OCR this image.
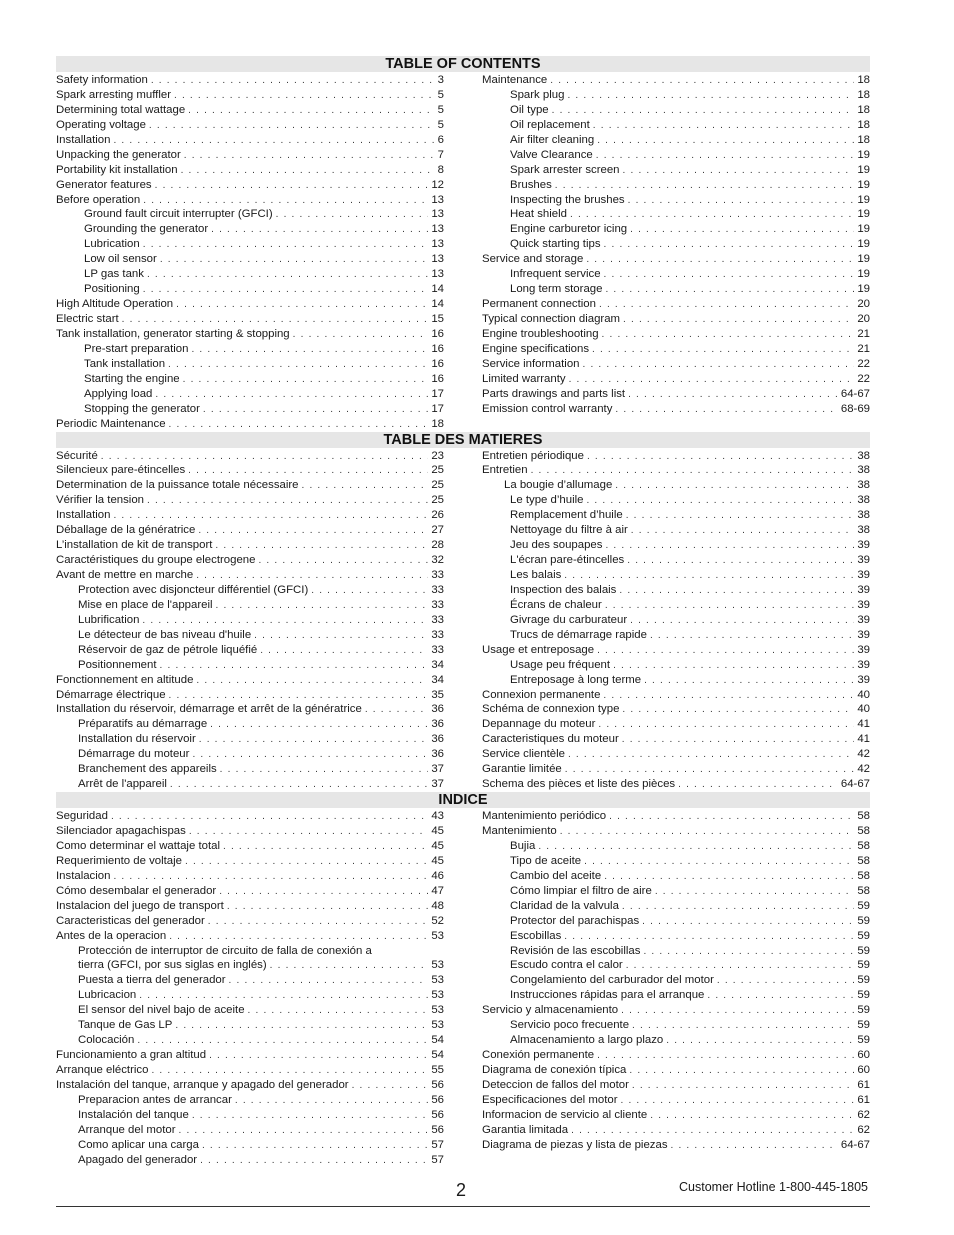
TABLE OF CONTENTS
Safety information . . .	3
Spark arresting muffler . . .	5
Determining total wattage . . .	5
Operating voltage . . .	5
Installation . . .	6
Unpacking the generator . . .	7
Portability kit installation . . .	8
Generator features . . .	12
Before operation . . .	13
Ground fault circuit interrupter (GFCI) . . .	13
Grounding the generator . . .	13
Lubrication . . .	13
Low oil sensor . . .	13
LP gas tank . . .	13
Positioning . . .	14
High Altitude Operation . . .	14
Electric start . . .	15
Tank installation, generator starting & stopping . . .	16
Pre-start preparation . . .	16
Tank installation . . .	16
Starting the engine . . .	16
Applying load . . .	17
Stopping the generator . . .	17
Periodic Maintenance . . .	18
Maintenance . . .	18
Spark plug . . .	18
Oil type . . .	18
Oil replacement . . .	18
Air filter cleaning . . .	18
Valve Clearance . . .	19
Spark arrester screen . . .	19
Brushes . . .	19
Inspecting the brushes . . .	19
Heat shield . . .	19
Engine carburetor icing . . .	19
Quick starting tips . . .	19
Service and storage . . .	19
Infrequent service . . .	19
Long term storage . . .	19
Permanent connection . . .	20
Typical connection diagram . . .	20
Engine troubleshooting . . .	21
Engine specifications . . .	21
Service information . . .	22
Limited warranty . . .	22
Parts drawings and parts list . . .	64-67
Emission control warranty . . .	68-69
TABLE DES MATIERES
Sécurité . . .	23
Silencieux pare-étincelles . . .	25
Determination de la puissance totale nécessaire . . .	25
Vérifier la tension . . .	25
Installation . . .	26
Déballage de la génératrice . . .	27
L’installation de kit de transport . . .	28
Caractéristiques du groupe electrogene . . .	32
Avant de mettre en marche . . .	33
Protection avec disjoncteur différentiel (GFCI) . . .	33
Mise en place de l'appareil . . .	33
Lubrification . . .	33
Le détecteur de bas niveau d'huile . . .	33
Réservoir de gaz de pétrole liquéfié . . .	33
Positionnement . . .	34
Fonctionnement en altitude . . .	34
Démarrage électrique . . .	35
Installation du réservoir, démarrage et arrêt de la génératrice . . .	36
Préparatifs au démarrage . . .	36
Installation du réservoir . . .	36
Démarrage du moteur . . .	36
Branchement des appareils . . .	37
Arrêt de l'appareil . . .	37
Entretien périodique . . .	38
Entretien . . .	38
La bougie d’allumage . . .	38
Le type d’huile . . .	38
Remplacement d’huile . . .	38
Nettoyage du filtre à air . . .	38
Jeu des soupapes . . .	39
L'écran pare-étincelles . . .	39
Les balais . . .	39
Inspection des balais . . .	39
Écrans de chaleur . . .	39
Givrage du carburateur . . .	39
Trucs de démarrage rapide . . .	39
Usage et entreposage . . .	39
Usage peu fréquent . . .	39
Entreposage à long terme . . .	39
Connexion permanente . . .	40
Schéma de connexion type . . .	40
Depannage du moteur . . .	41
Caracteristiques du moteur . . .	41
Service clientèle . . .	42
Garantie limitée . . .	42
Schema des pièces et liste des pièces . . .	64-67
INDICE
Seguridad . . .	43
Silenciador apagachispas . . .	45
Como determinar el wattaje total . . .	45
Requerimiento de voltaje . . .	45
Instalacion . . .	46
Cómo desembalar el generador . . .	47
Instalacion del juego de transport . . .	48
Caracteristicas del generador . . .	52
Antes de la operacion . . .	53
Protección de interruptor de circuito de falla de conexión a
tierra (GFCI, por sus siglas en inglés) . . .	53
Puesta a tierra del generador . . .	53
Lubricacion . . .	53
El sensor del nivel bajo de aceite . . .	53
Tanque de Gas LP . . .	53
Colocación . . .	54
Funcionamiento a gran altitud . . .	54
Arranque eléctrico . . .	55
Instalación del tanque, arranque y apagado del generador . . .	56
Preparacion antes de arrancar . . .	56
Instalación del tanque . . .	56
Arranque del motor . . .	56
Como aplicar una carga . . .	57
Apagado del generador . . .	57
Mantenimiento periódico . . .	58
Mantenimiento . . .	58
Bujia . . .	58
Tipo de aceite . . .	58
Cambio del aceite . . .	58
Cómo limpiar el filtro de aire . . .	58
Claridad de la valvula . . .	59
Protector del parachispas . . .	59
Escobillas . . .	59
Revisión de las escobillas . . .	59
Escudo contra el calor . . .	59
Congelamiento del carburador del motor . . .	59
Instrucciones rápidas para el arranque . . .	59
Servicio y almacenamiento . . .	59
Servicio poco frecuente . . .	59
Almacenamiento a largo plazo . . .	59
Conexión permanente . . .	60
Diagrama de conexión típica . . .	60
Deteccion de fallos del motor . . .	61
Especificaciones del motor . . .	61
Informacion de servicio al cliente . . .	62
Garantia limitada . . .	62
Diagrama de piezas y lista de piezas . . .	64-67
2	Customer Hotline 1-800-445-1805
